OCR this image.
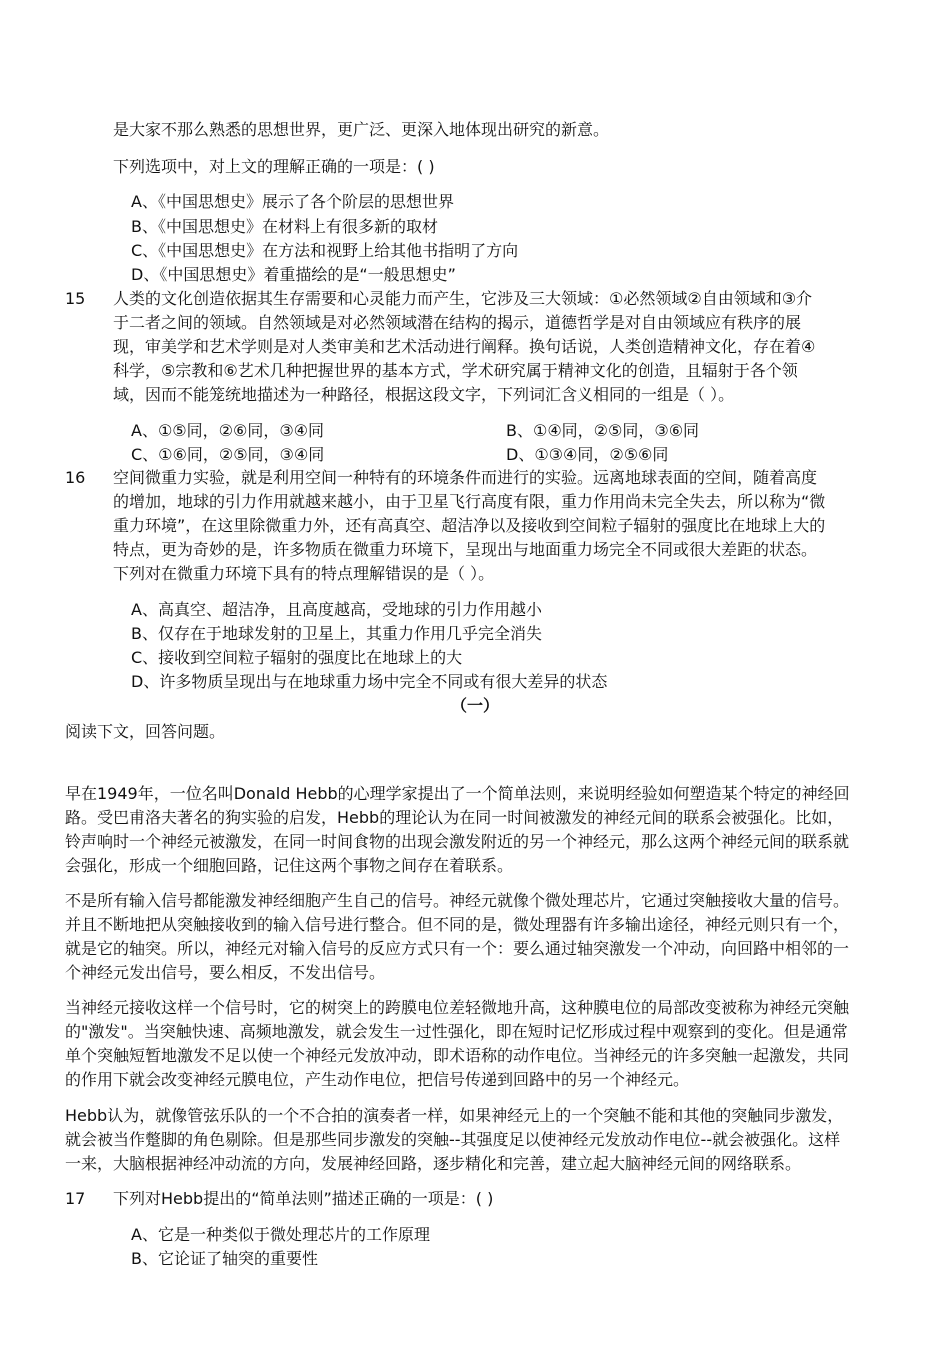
是大家不那么熟悉的思想世界，更广泛、更深入地体现出研究的新意。
下列选项中，对上文的理解正确的一项是：( )
A、《中国思想史》展示了各个阶层的思想世界
B、《中国思想史》在材料上有很多新的取材
C、《中国思想史》在方法和视野上给其他书指明了方向
D、《中国思想史》着重描绘的是“一般思想史”
15 人类的文化创造依据其生存需要和心灵能力而产生，它涉及三大领域：①必然领域②自由领域和③介
于二者之间的领域。自然领域是对必然领域潜在结构的揭示，道德哲学是对自由领域应有秩序的展
现，审美学和艺术学则是对人类审美和艺术活动进行阐释。换句话说，人类创造精神文化，存在着④
科学，⑤宗教和⑥艺术几种把握世界的基本方式，学术研究属于精神文化的创造，且辐射于各个领
域，因而不能笼统地描述为一种路径，根据这段文字，下列词汇含义相同的一组是（ ）。
A、①⑤同，②⑥同，③④同	B、①④同，②⑤同，③⑥同
C、①⑥同，②⑤同，③④同	D、①③④同，②⑤⑥同
16 空间微重力实验，就是利用空间一种特有的环境条件而进行的实验。远离地球表面的空间，随着高度
的增加，地球的引力作用就越来越小，由于卫星飞行高度有限，重力作用尚未完全失去，所以称为“微
重力环境”，在这里除微重力外，还有高真空、超洁净以及接收到空间粒子辐射的强度比在地球上大的
特点，更为奇妙的是，许多物质在微重力环境下，呈现出与地面重力场完全不同或很大差距的状态。
下列对在微重力环境下具有的特点理解错误的是（ ）。
A、高真空、超洁净，且高度越高，受地球的引力作用越小
B、仅存在于地球发射的卫星上，其重力作用几乎完全消失
C、接收到空间粒子辐射的强度比在地球上的大
D、许多物质呈现出与在地球重力场中完全不同或有很大差异的状态
（一）
阅读下文，回答问题。
早在1949年，一位名叫Donald Hebb的心理学家提出了一个简单法则，来说明经验如何塑造某个特定的神经回
路。受巴甫洛夫著名的狗实验的启发，Hebb的理论认为在同一时间被激发的神经元间的联系会被强化。比如，
铃声响时一个神经元被激发，在同一时间食物的出现会激发附近的另一个神经元，那么这两个神经元间的联系就
会强化，形成一个细胞回路，记住这两个事物之间存在着联系。
不是所有输入信号都能激发神经细胞产生自己的信号。神经元就像个微处理芯片，它通过突触接收大量的信号。
并且不断地把从突触接收到的输入信号进行整合。但不同的是，微处理器有许多输出途径，神经元则只有一个，
就是它的轴突。所以，神经元对输入信号的反应方式只有一个：要么通过轴突激发一个冲动，向回路中相邻的一
个神经元发出信号，要么相反，不发出信号。
当神经元接收这样一个信号时，它的树突上的跨膜电位差轻微地升高，这种膜电位的局部改变被称为神经元突触
的"激发"。当突触快速、高频地激发，就会发生一过性强化，即在短时记忆形成过程中观察到的变化。但是通常
单个突触短暂地激发不足以使一个神经元发放冲动，即术语称的动作电位。当神经元的许多突触一起激发，共同
的作用下就会改变神经元膜电位，产生动作电位，把信号传递到回路中的另一个神经元。
Hebb认为，就像管弦乐队的一个不合拍的演奏者一样，如果神经元上的一个突触不能和其他的突触同步激发，
就会被当作蹩脚的角色剔除。但是那些同步激发的突触--其强度足以使神经元发放动作电位--就会被强化。这样
一来，大脑根据神经冲动流的方向，发展神经回路，逐步精化和完善，建立起大脑神经元间的网络联系。
17 下列对Hebb提出的“简单法则”描述正确的一项是：( )
A、它是一种类似于微处理芯片的工作原理
B、它论证了轴突的重要性
